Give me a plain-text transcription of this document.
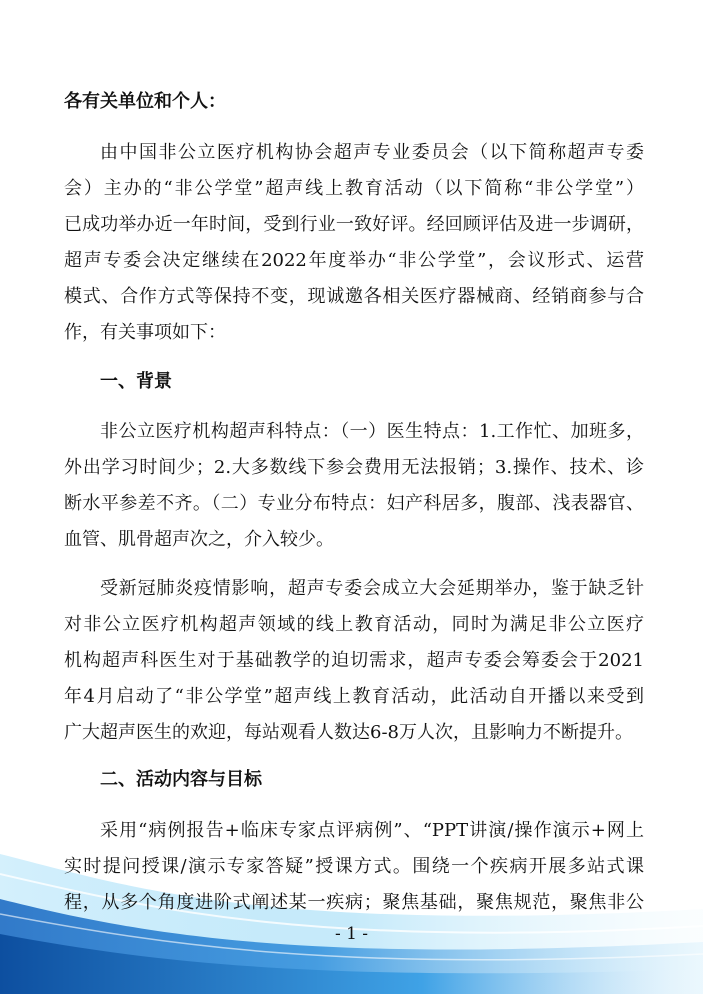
各有关单位和个人：
由中国非公立医疗机构协会超声专业委员会（以下简称超声专委
会）主办的“非公学堂”超声线上教育活动（以下简称“非公学堂”）
已成功举办近一年时间，受到行业一致好评。经回顾评估及进一步调研，
超声专委会决定继续在2022年度举办“非公学堂”，会议形式、运营
模式、合作方式等保持不变，现诚邀各相关医疗器械商、经销商参与合
作，有关事项如下：
一、背景
非公立医疗机构超声科特点：（一）医生特点：1.工作忙、加班多，
外出学习时间少；2.大多数线下参会费用无法报销；3.操作、技术、诊
断水平参差不齐。（二）专业分布特点：妇产科居多，腹部、浅表器官、
血管、肌骨超声次之，介入较少。
受新冠肺炎疫情影响，超声专委会成立大会延期举办，鉴于缺乏针
对非公立医疗机构超声领域的线上教育活动，同时为满足非公立医疗
机构超声科医生对于基础教学的迫切需求，超声专委会筹委会于2021
年4月启动了“非公学堂”超声线上教育活动，此活动自开播以来受到
广大超声医生的欢迎，每站观看人数达6-8万人次，且影响力不断提升。
二、活动内容与目标
采用“病例报告+临床专家点评病例”、“PPT讲演/操作演示+网上
实时提问授课/演示专家答疑”授课方式。围绕一个疾病开展多站式课
程，从多个角度进阶式阐述某一疾病；聚焦基础，聚焦规范，聚焦非公
- 1 -
